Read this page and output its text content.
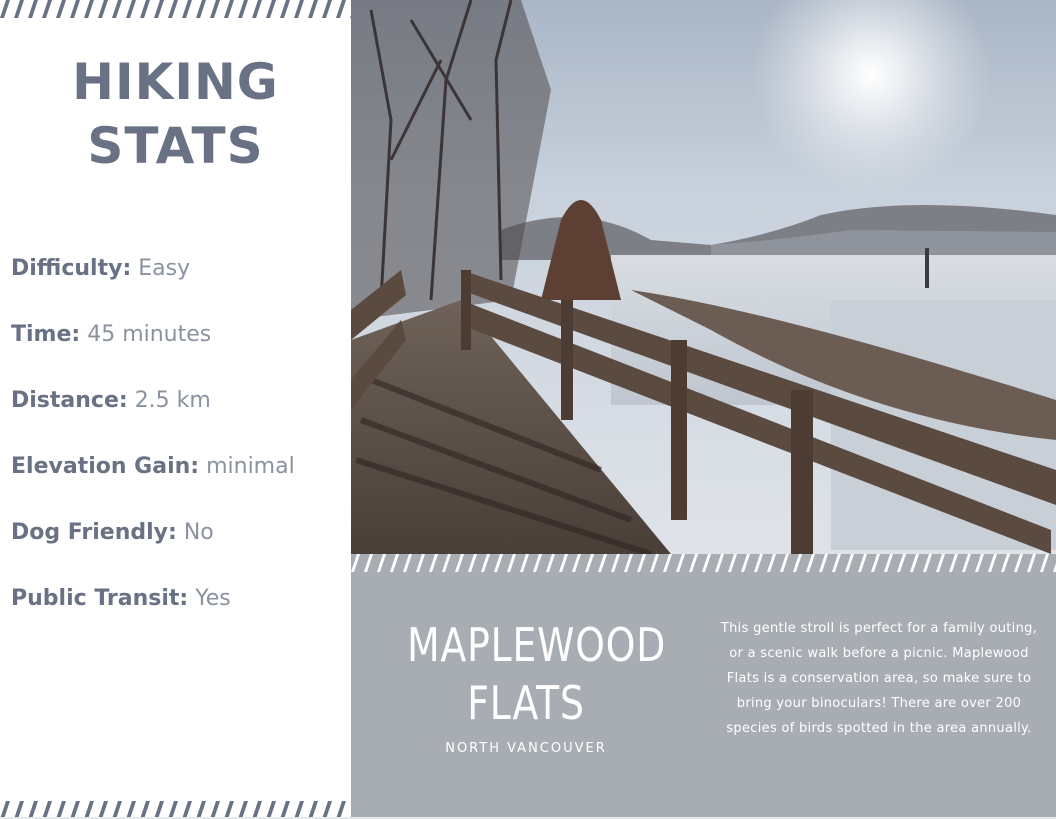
HIKING
STATS
Difficulty: Easy
Time: 45 minutes
Distance: 2.5 km
Elevation Gain: minimal
Dog Friendly: No
Public Transit: Yes
MAPLEWOOD
FLATS
NORTH VANCOUVER
This gentle stroll is perfect for a family outing, or a scenic walk before a picnic. Maplewood Flats is a conservation area, so make sure to bring your binoculars! There are over 200 species of birds spotted in the area annually.
